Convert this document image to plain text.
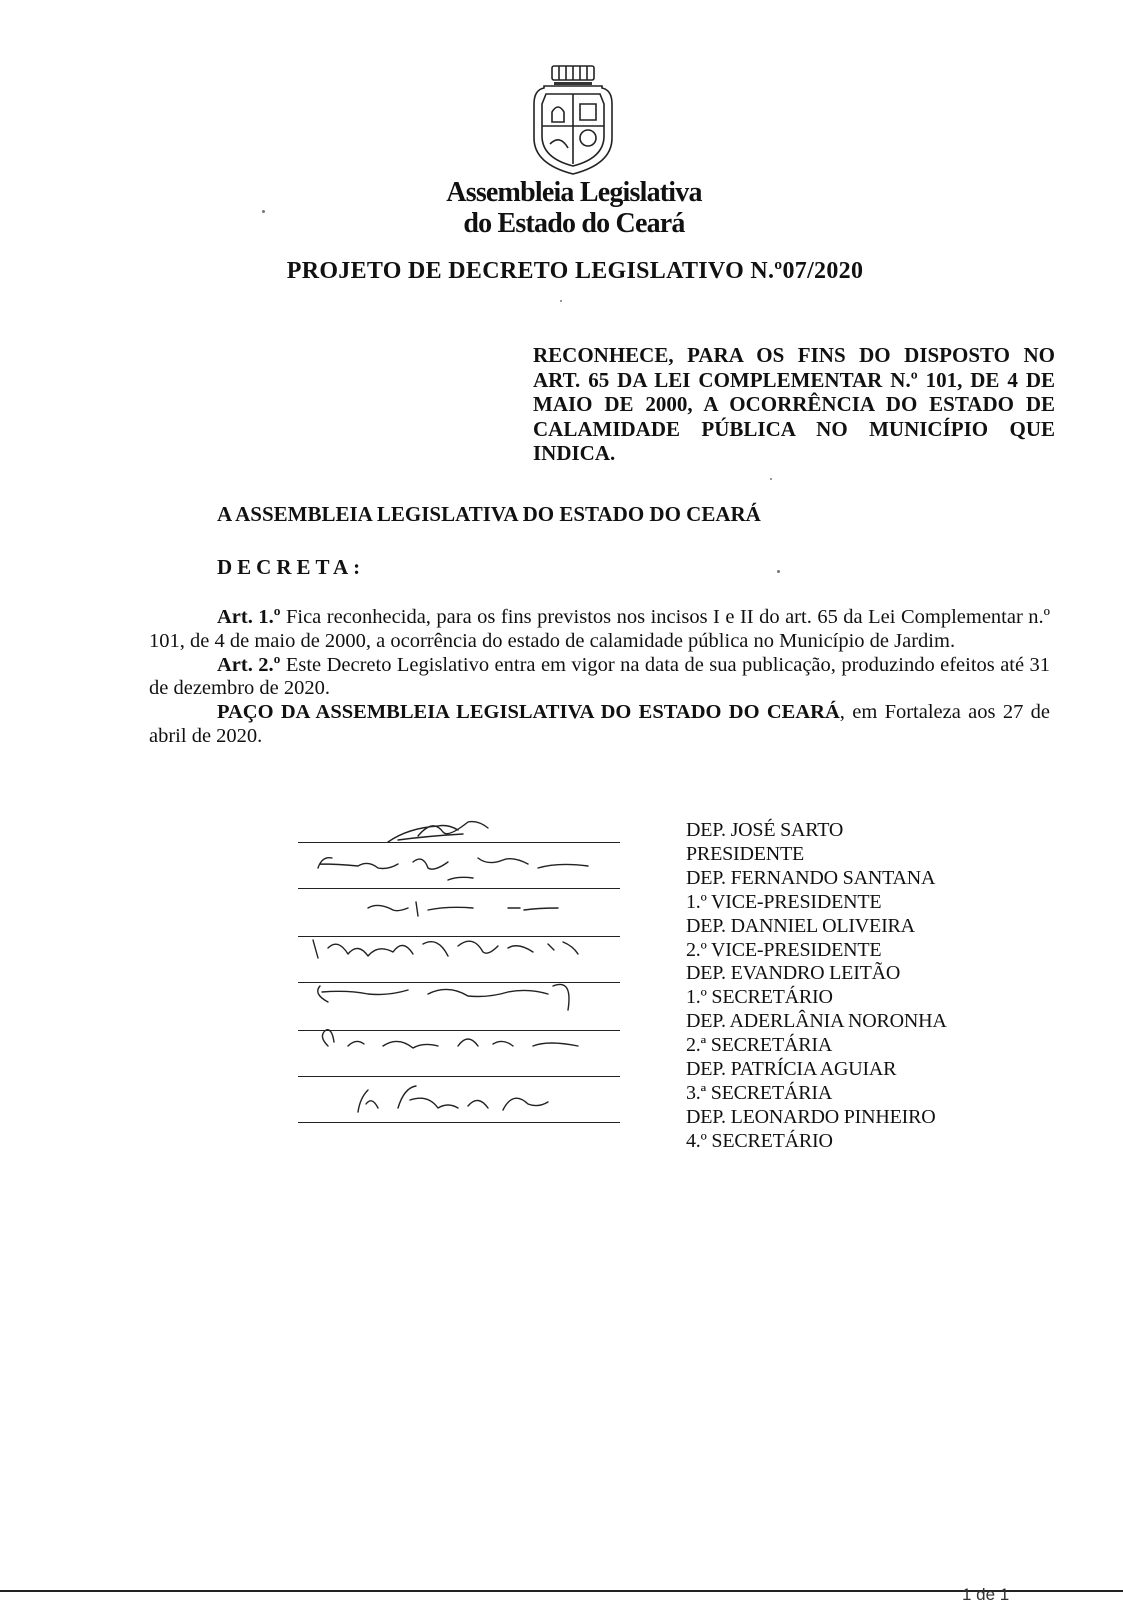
Assembleia Legislativa
do Estado do Ceará
PROJETO DE DECRETO LEGISLATIVO N.º07/2020

RECONHECE, PARA OS FINS DO DISPOSTO NO ART. 65 DA LEI COMPLEMENTAR N.º 101, DE 4 DE MAIO DE 2000, A OCORRÊNCIA DO ESTADO DE CALAMIDADE PÚBLICA NO MUNICÍPIO QUE INDICA.

A ASSEMBLEIA LEGISLATIVA DO ESTADO DO CEARÁ

DECRETA:

Art. 1.º Fica reconhecida, para os fins previstos nos incisos I e II do art. 65 da Lei Complementar n.º 101, de 4 de maio de 2000, a ocorrência do estado de calamidade pública no Município de Jardim.

Art. 2.º Este Decreto Legislativo entra em vigor na data de sua publicação, produzindo efeitos até 31 de dezembro de 2020.

PAÇO DA ASSEMBLEIA LEGISLATIVA DO ESTADO DO CEARÁ, em Fortaleza aos 27 de abril de 2020.

DEP. JOSÉ SARTO
PRESIDENTE
DEP. FERNANDO SANTANA
1.º VICE-PRESIDENTE
DEP. DANNIEL OLIVEIRA
2.º VICE-PRESIDENTE
DEP. EVANDRO LEITÃO
1.º SECRETÁRIO
DEP. ADERLÂNIA NORONHA
2.ª SECRETÁRIA
DEP. PATRÍCIA AGUIAR
3.ª SECRETÁRIA
DEP. LEONARDO PINHEIRO
4.º SECRETÁRIO
1 de 1
